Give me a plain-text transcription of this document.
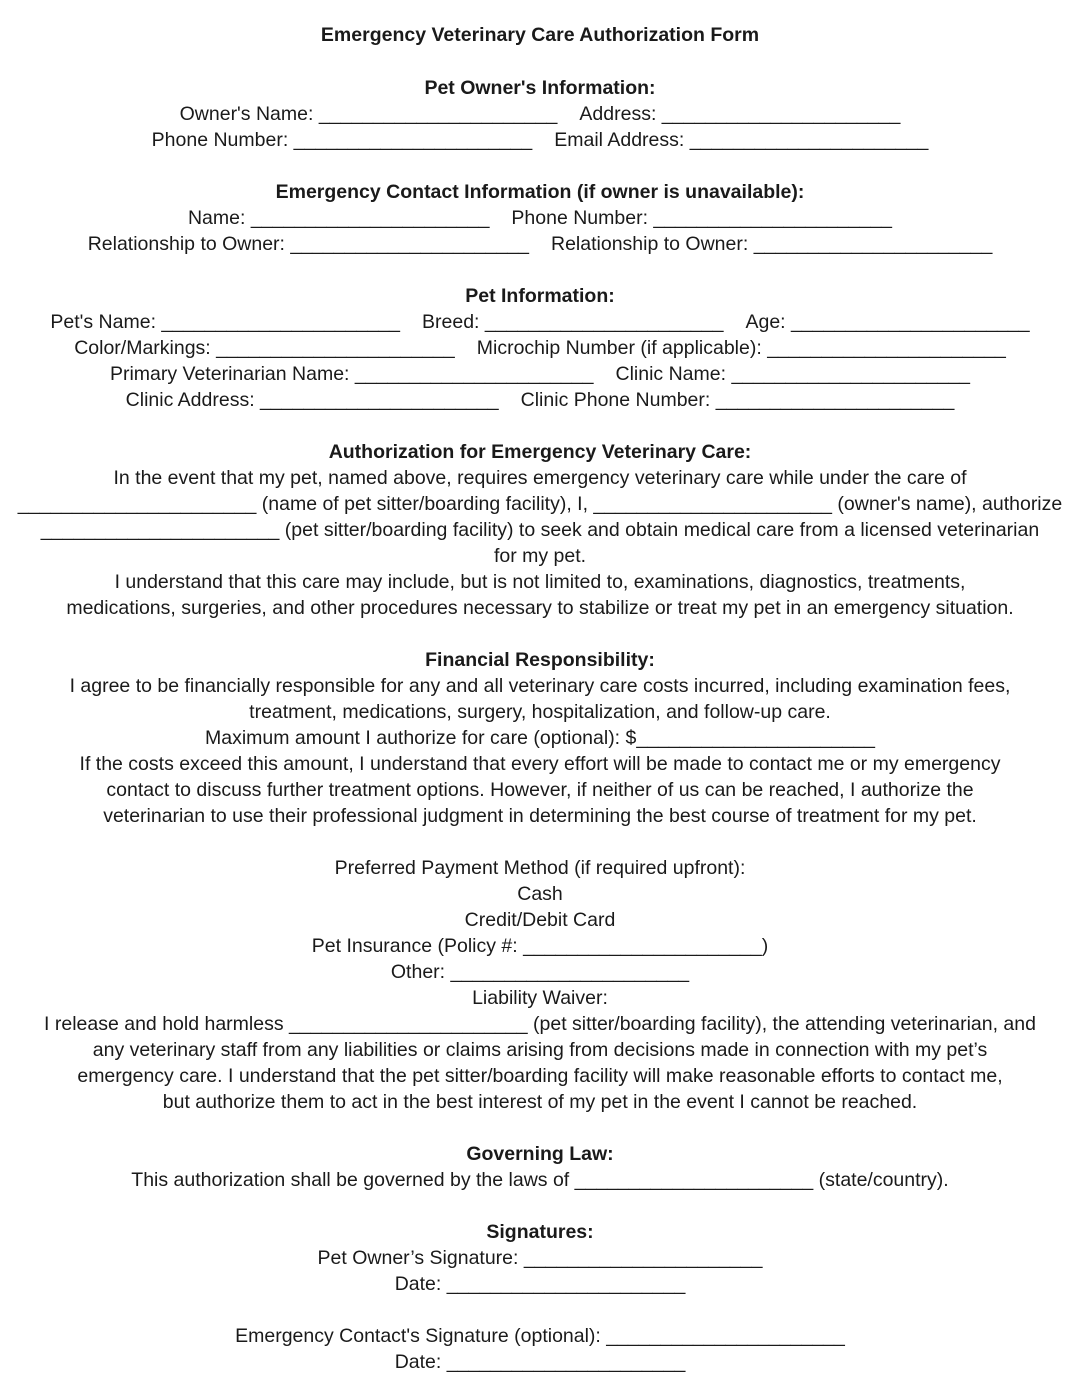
Emergency Veterinary Care Authorization Form
Pet Owner's Information:
Owner's Name: ______________________ Address: ______________________
Phone Number: ______________________ Email Address: ______________________
Emergency Contact Information (if owner is unavailable):
Name: ______________________ Phone Number: ______________________
Relationship to Owner: ______________________ Relationship to Owner: ______________________
Pet Information:
Pet's Name: ______________________ Breed: ______________________ Age: ______________________
Color/Markings: ______________________ Microchip Number (if applicable): ______________________
Primary Veterinarian Name: ______________________ Clinic Name: ______________________
Clinic Address: ______________________ Clinic Phone Number: ______________________
Authorization for Emergency Veterinary Care:
In the event that my pet, named above, requires emergency veterinary care while under the care of
______________________ (name of pet sitter/boarding facility), I, ______________________ (owner's name), authorize
______________________ (pet sitter/boarding facility) to seek and obtain medical care from a licensed veterinarian
for my pet.
I understand that this care may include, but is not limited to, examinations, diagnostics, treatments,
medications, surgeries, and other procedures necessary to stabilize or treat my pet in an emergency situation.
Financial Responsibility:
I agree to be financially responsible for any and all veterinary care costs incurred, including examination fees,
treatment, medications, surgery, hospitalization, and follow-up care.
Maximum amount I authorize for care (optional): $______________________
If the costs exceed this amount, I understand that every effort will be made to contact me or my emergency
contact to discuss further treatment options. However, if neither of us can be reached, I authorize the
veterinarian to use their professional judgment in determining the best course of treatment for my pet.
Preferred Payment Method (if required upfront):
Cash
Credit/Debit Card
Pet Insurance (Policy #: ______________________)
Other: ______________________
Liability Waiver:
I release and hold harmless ______________________ (pet sitter/boarding facility), the attending veterinarian, and
any veterinary staff from any liabilities or claims arising from decisions made in connection with my pet’s
emergency care. I understand that the pet sitter/boarding facility will make reasonable efforts to contact me,
but authorize them to act in the best interest of my pet in the event I cannot be reached.
Governing Law:
This authorization shall be governed by the laws of ______________________ (state/country).
Signatures:
Pet Owner’s Signature: ______________________
Date: ______________________
Emergency Contact's Signature (optional): ______________________
Date: ______________________
